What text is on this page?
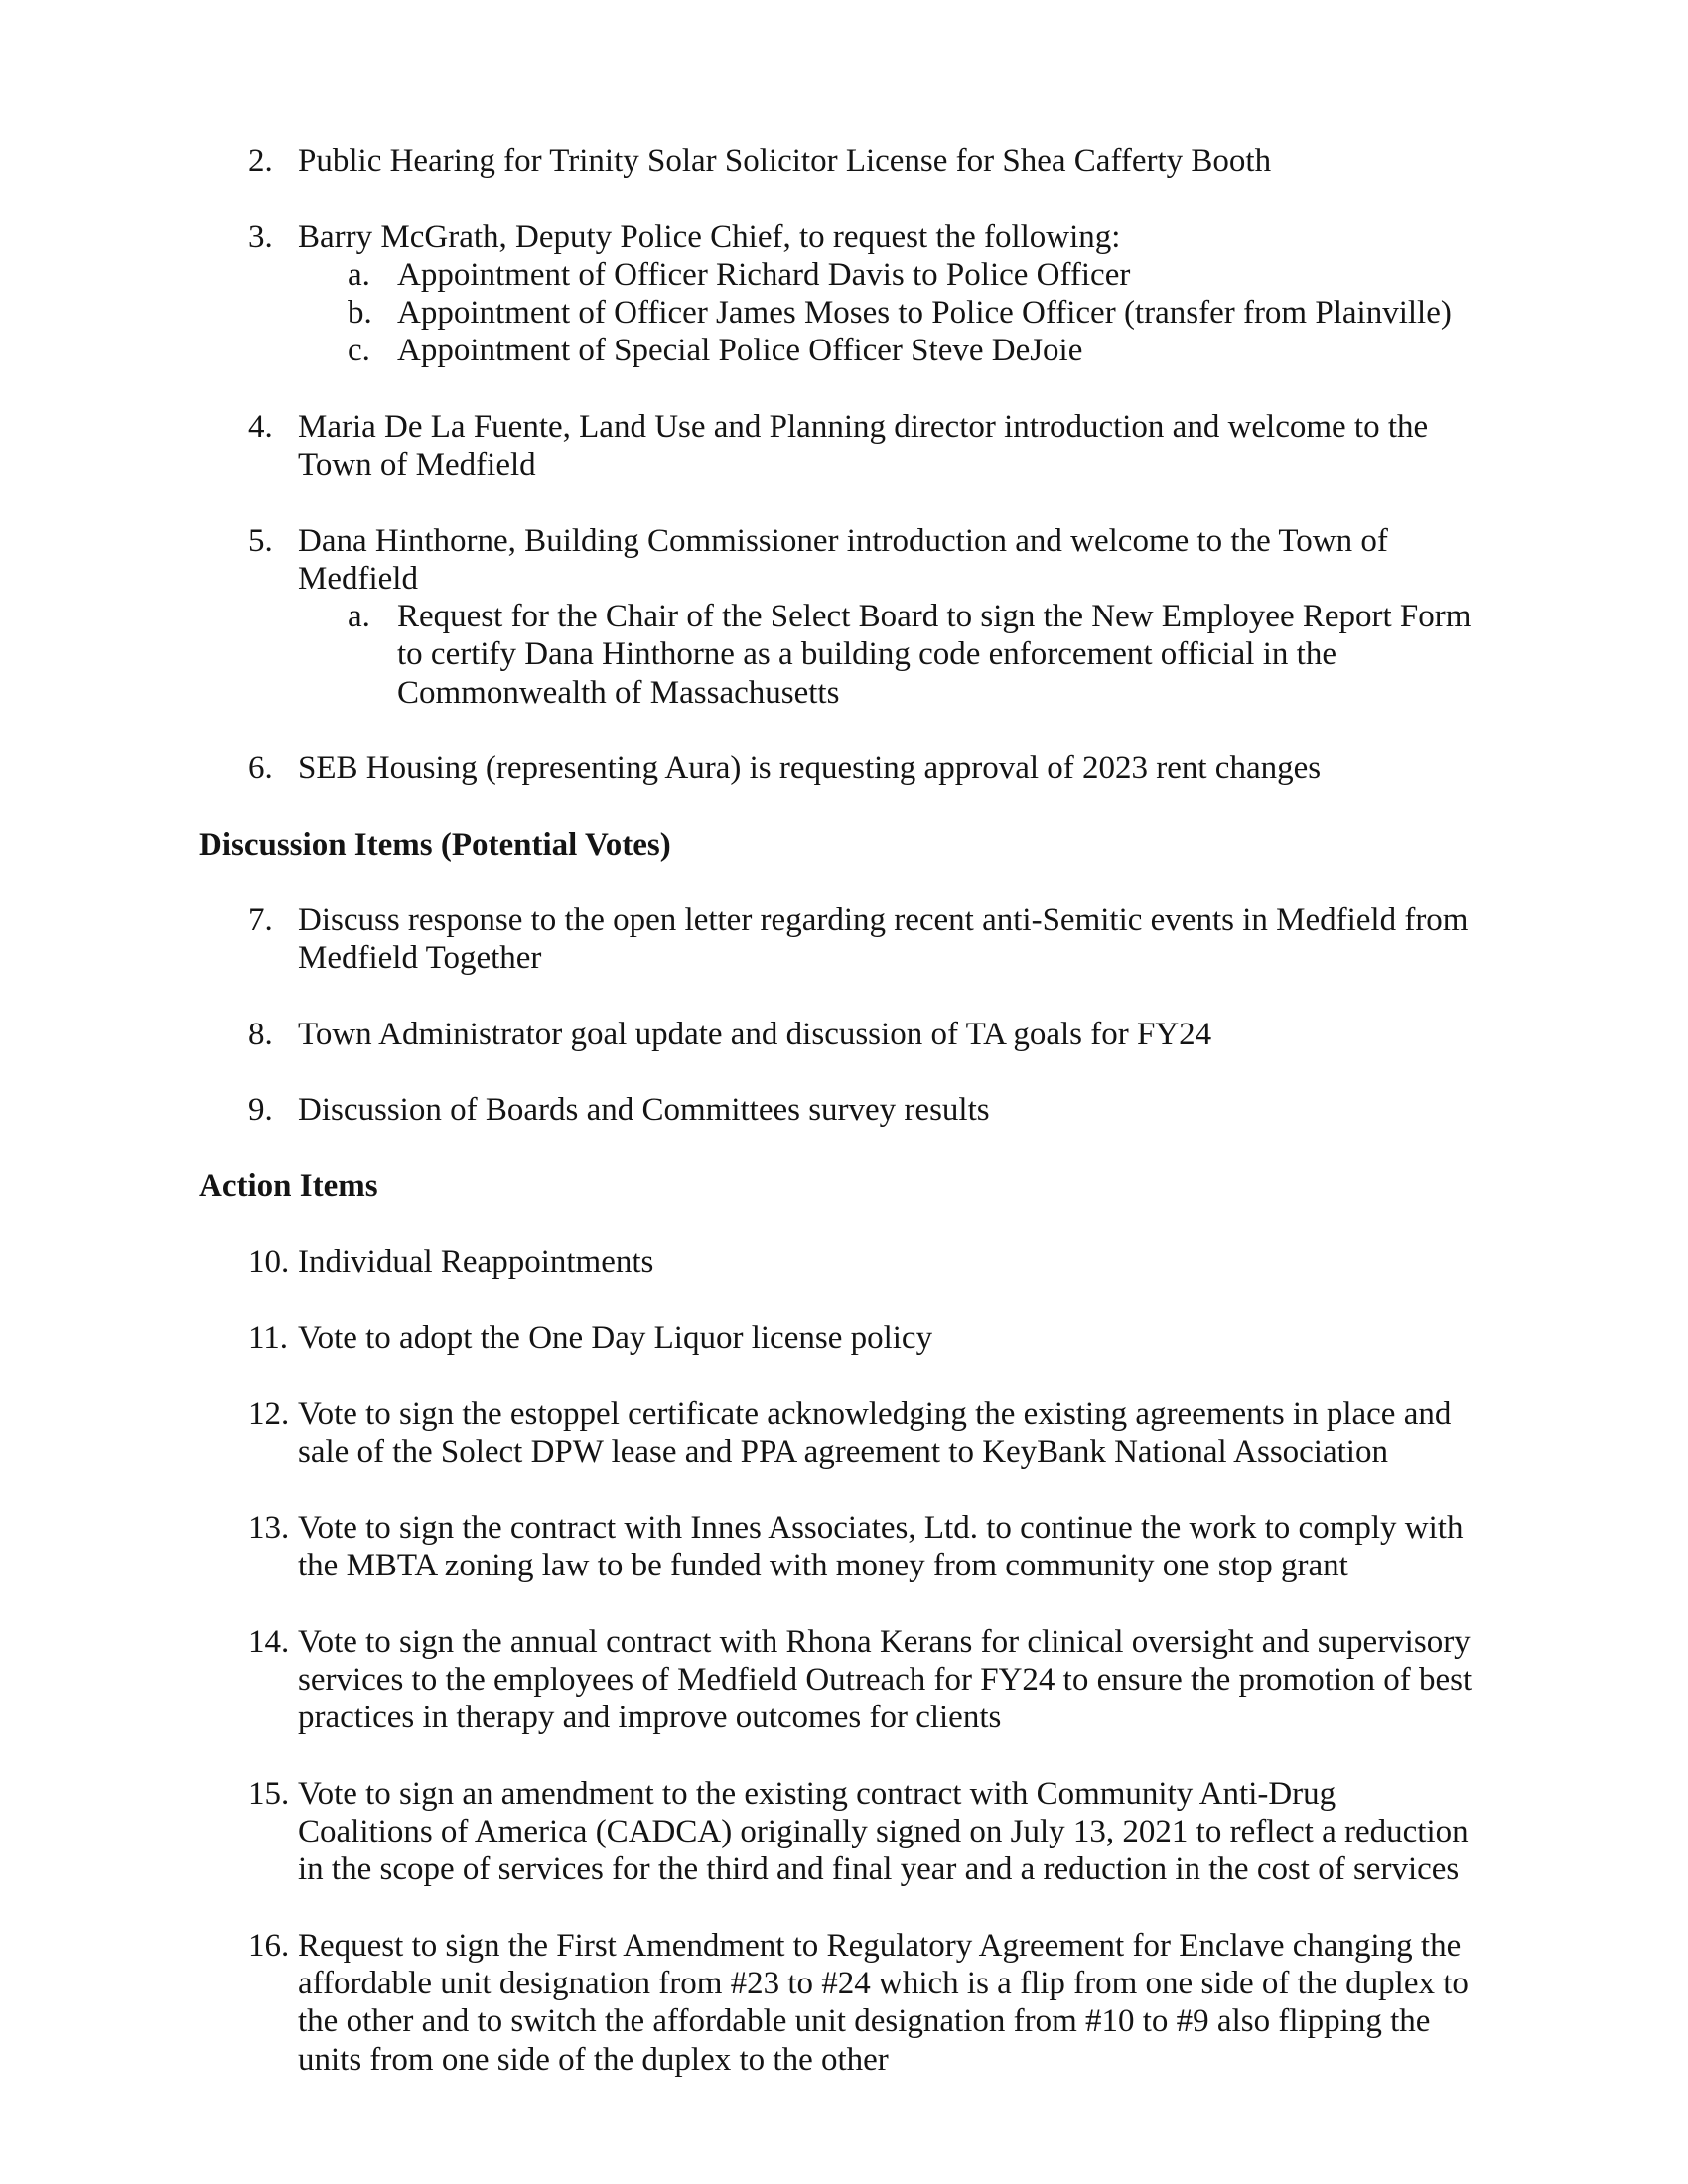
2. Public Hearing for Trinity Solar Solicitor License for Shea Cafferty Booth
3. Barry McGrath, Deputy Police Chief, to request the following:
a. Appointment of Officer Richard Davis to Police Officer
b. Appointment of Officer James Moses to Police Officer (transfer from Plainville)
c. Appointment of Special Police Officer Steve DeJoie
4. Maria De La Fuente, Land Use and Planning director introduction and welcome to the
Town of Medfield
5. Dana Hinthorne, Building Commissioner introduction and welcome to the Town of
Medfield
a. Request for the Chair of the Select Board to sign the New Employee Report Form
to certify Dana Hinthorne as a building code enforcement official in the
Commonwealth of Massachusetts
6. SEB Housing (representing Aura) is requesting approval of 2023 rent changes
Discussion Items (Potential Votes)
7. Discuss response to the open letter regarding recent anti-Semitic events in Medfield from
Medfield Together
8. Town Administrator goal update and discussion of TA goals for FY24
9. Discussion of Boards and Committees survey results
Action Items
10. Individual Reappointments
11. Vote to adopt the One Day Liquor license policy
12. Vote to sign the estoppel certificate acknowledging the existing agreements in place and
sale of the Solect DPW lease and PPA agreement to KeyBank National Association
13. Vote to sign the contract with Innes Associates, Ltd. to continue the work to comply with
the MBTA zoning law to be funded with money from community one stop grant
14. Vote to sign the annual contract with Rhona Kerans for clinical oversight and supervisory
services to the employees of Medfield Outreach for FY24 to ensure the promotion of best
practices in therapy and improve outcomes for clients
15. Vote to sign an amendment to the existing contract with Community Anti-Drug
Coalitions of America (CADCA) originally signed on July 13, 2021 to reflect a reduction
in the scope of services for the third and final year and a reduction in the cost of services
16. Request to sign the First Amendment to Regulatory Agreement for Enclave changing the
affordable unit designation from #23 to #24 which is a flip from one side of the duplex to
the other and to switch the affordable unit designation from #10 to #9 also flipping the
units from one side of the duplex to the other
